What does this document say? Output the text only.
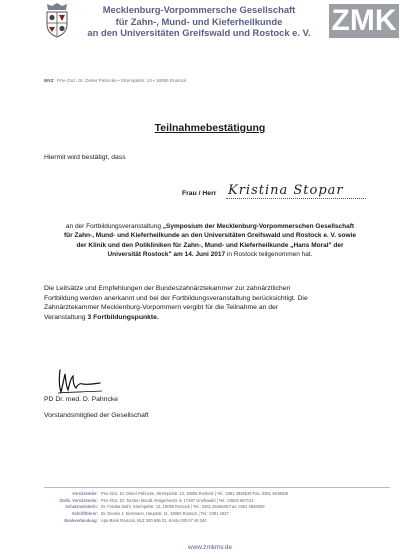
Mecklenburg-Vorpommersche Gesellschaft
für Zahn-, Mund- und Kieferheilkunde
an den Universitäten Greifswald und Rostock e. V. ZMK
MVZ Priv.-Doz. Dr. Dieter Pahncke • Strempelstr. 13 • 18055 Rostock
Teilnahmebestätigung
Hiermit wird bestätigt, dass
Frau / Herr Kristina Stopar
an der Fortbildungsveranstaltung „Symposium der Mecklenburg-Vorpommerschen Gesellschaft
für Zahn-, Mund- und Kieferheilkunde an den Universitäten Greifswald und Rostock e. V. sowie
der Klinik und den Polikliniken für Zahn-, Mund- und Kieferheilkunde „Hans Moral" der
Universität Rostock" am 14. Juni 2017 in Rostock teilgenommen hat.
Die Leitsätze und Empfehlungen der Bundeszahnärztekammer zur zahnärztlichen
Fortbildung werden anerkannt und bei der Fortbildungsveranstaltung berücksichtigt. Die
Zahnärztekammer Mecklenburg-Vorpommern vergibt für die Teilnahme an der
Veranstaltung 3 Fortbildungspunkte.
PD Dr. med. D. Pahncke
Vorstandsmitglied der Gesellschaft
Vorsitzender: Priv.-Doz. Dr. Dieter Pahncke, Strempelstr. 13, 18055 Rostock | Tel.: 0381 4946538 Fax: 0381 4946509
Stellv. Vorsitzender: Priv.-Doz. Dr. Torsten Mundt, Rotgerberstr. 8, 17487 Greifswald | Tel.: 03834 867134
Schatzmeisterin: Dr. Franka Stahl, Strempelstr. 13, 18055 Rostock | Tel.: 0381 4946538 Fax: 0381 4946509
Schriftführer: Dr. Dennis J. Kiesmann, Hauptstr. 11, 18055 Rostock | Tel.: 0381 4927
Bankverbindung: Apo-Bank Rostock, BLZ 300 606 01, Konto 000 67 46 340
www.zmkmv.de
